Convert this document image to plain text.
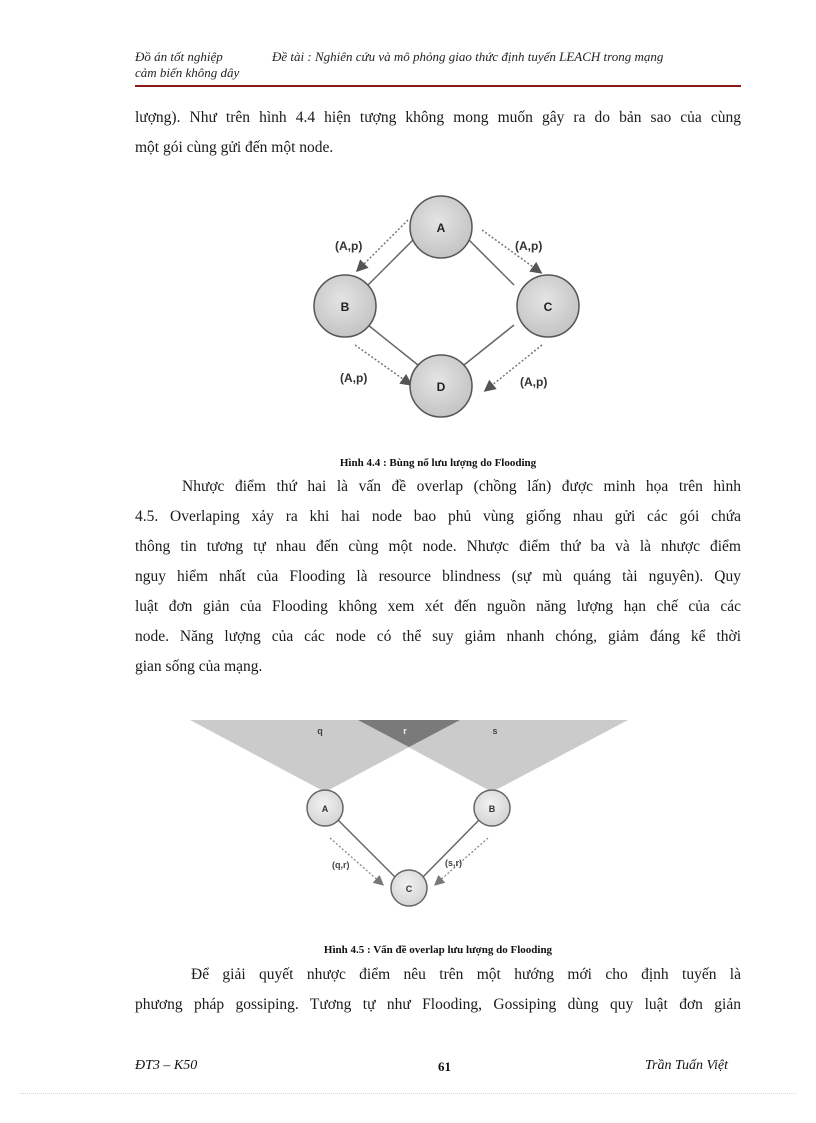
Đồ án tốt nghiệp	Đề tài : Nghiên cứu và mô phỏng giao thức định tuyến LEACH trong mạng
cảm biến không dây
lượng). Như trên hình 4.4 hiện tượng không mong muốn gây ra do bản sao của cùng
một gói cùng gửi đến một node.
A
B	C
D
(A,p)	(A,p)
(A,p)	(A,p)
Hình 4.4 : Bùng nổ lưu lượng do Flooding
Nhược điểm thứ hai là vấn đề overlap (chồng lấn) được minh họa trên hình
4.5. Overlaping xảy ra khi hai node bao phủ vùng giống nhau gửi các gói chứa
thông tin tương tự nhau đến cùng một node. Nhược điểm thứ ba và là nhược điểm
nguy hiểm nhất của Flooding là resource blindness (sự mù quáng tài nguyên). Quy
luật đơn giản của Flooding không xem xét đến nguồn năng lượng hạn chế của các
node. Năng lượng của các node có thể suy giảm nhanh chóng, giảm đáng kể thời
gian sống của mạng.
A	B
C
q	r	s
(q,r)	(s,r)
Hình 4.5 : Vấn đề overlap lưu lượng do Flooding
Để giải quyết nhược điểm nêu trên một hướng mới cho định tuyến là
phương pháp gossiping. Tương tự như Flooding, Gossiping dùng quy luật đơn giản
ĐT3 – K50	61	Trần Tuấn Việt
